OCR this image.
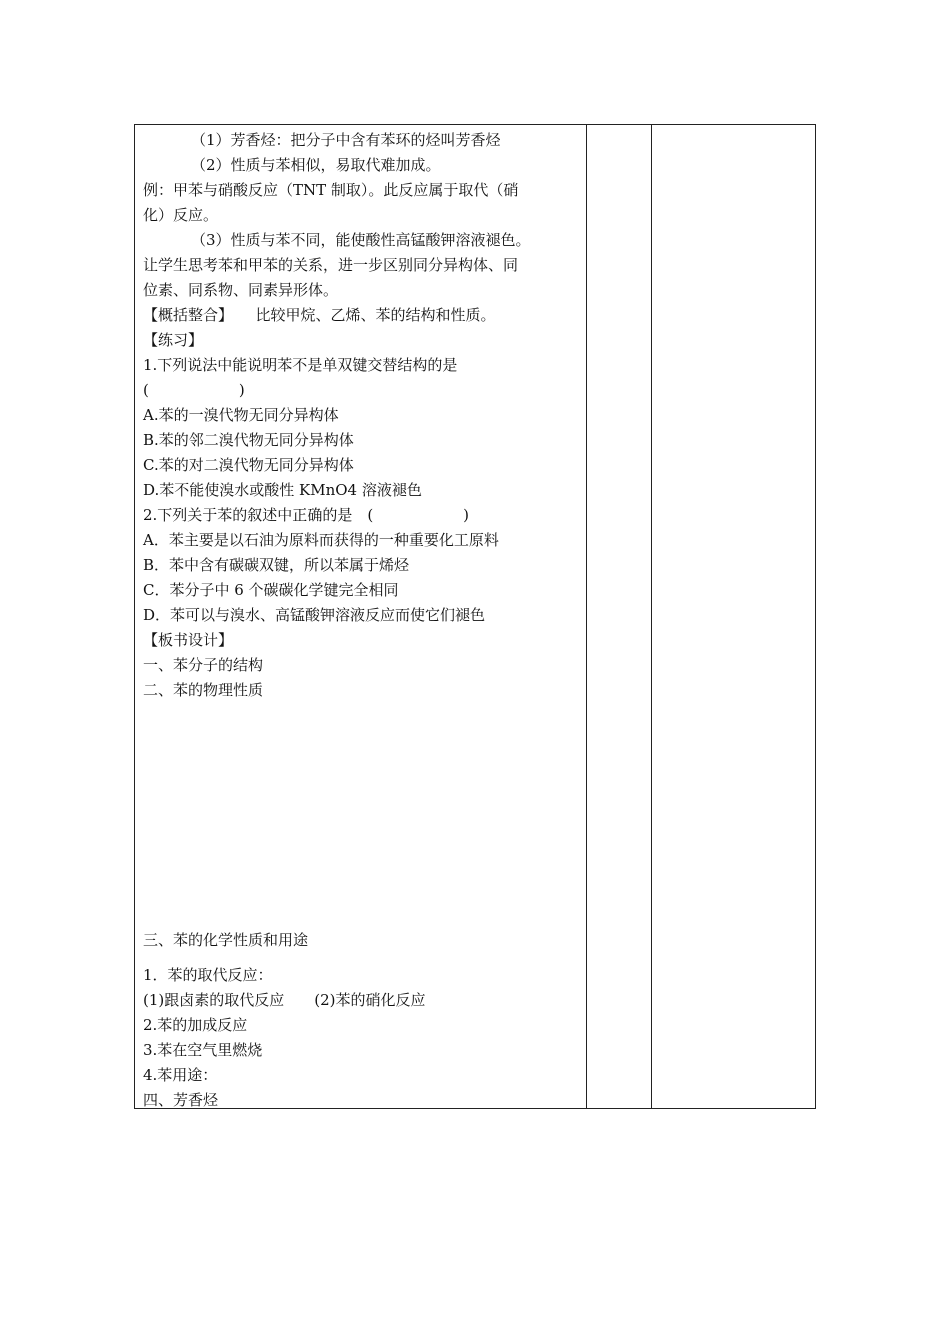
（1）芳香烃：把分子中含有苯环的烃叫芳香烃
（2）性质与苯相似，易取代难加成。
例：甲苯与硝酸反应（TNT 制取）。此反应属于取代（硝
化）反应。
（3）性质与苯不同，能使酸性高锰酸钾溶液褪色。
让学生思考苯和甲苯的关系，进一步区别同分异构体、同
位素、同系物、同素异形体。
【概括整合】　　比较甲烷、乙烯、苯的结构和性质。
【练习】
1.下列说法中能说明苯不是单双键交替结构的是
(　　　　　　)
A.苯的一溴代物无同分异构体
B.苯的邻二溴代物无同分异构体
C.苯的对二溴代物无同分异构体
D.苯不能使溴水或酸性 KMnO4 溶液褪色
2.下列关于苯的叙述中正确的是　(　　　　　　)
A．苯主要是以石油为原料而获得的一种重要化工原料
B．苯中含有碳碳双键，所以苯属于烯烃
C．苯分子中 6 个碳碳化学键完全相同
D．苯可以与溴水、高锰酸钾溶液反应而使它们褪色
【板书设计】
一、苯分子的结构
二、苯的物理性质
三、苯的化学性质和用途
1．苯的取代反应：
(1)跟卤素的取代反应　　(2)苯的硝化反应
2.苯的加成反应
3.苯在空气里燃烧
4.苯用途：
四、芳香烃
